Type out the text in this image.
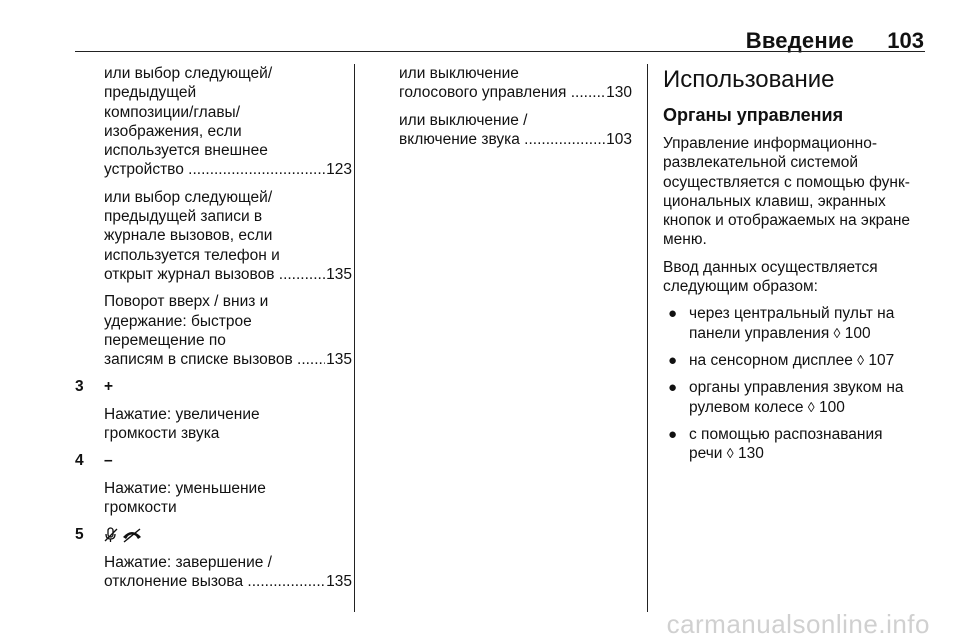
Введение 103
или выбор следующей/
предыдущей
композиции/главы/
изображения, если
используется внешнее
устройство .....	123
или выбор следующей/
предыдущей записи в
журнале вызовов, если
используется телефон и
открыт журнал вызовов .....	135
Поворот вверх / вниз и
удержание: быстрое
перемещение по
записям в списке вызовов .....	135
3	+
Нажатие: увеличение
громкости звука
4	–
Нажатие: уменьшение
громкости
5
Нажатие: завершение /
отклонение вызова .....	135
или выключение
голосового управления .....	130
или выключение /
включение звука .....	103
Использование
Органы управления

Управление информационно-
развлекательной системой
осуществляется с помощью функ-
циональных клавиш, экранных
кнопок и отображаемых на экране
меню.

Ввод данных осуществляется
следующим образом:

● через центральный пульт на
панели управления ◊ 100
● на сенсорном дисплее ◊ 107
● органы управления звуком на
рулевом колесе ◊ 100
● с помощью распознавания
речи ◊ 130
carmanualsonline.info
